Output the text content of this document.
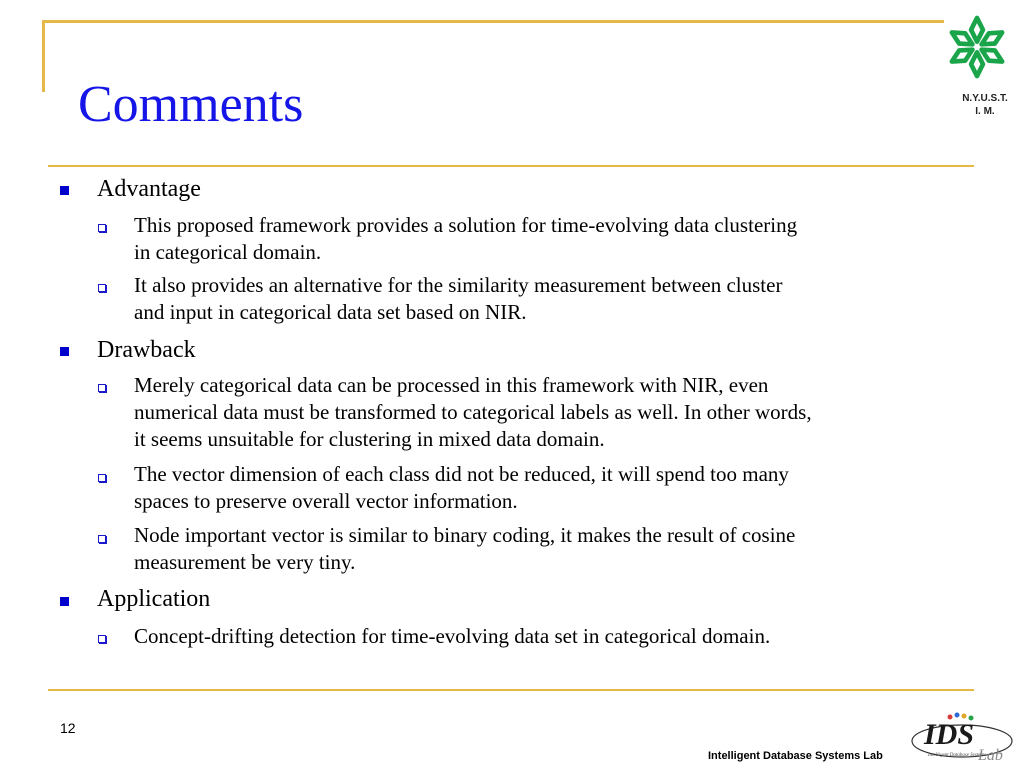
Comments	N.Y.U.S.T.
I. M.
Advantage
This proposed framework provides a solution for time-evolving data clustering
in categorical domain.
It also provides an alternative for the similarity measurement between cluster
and input in categorical data set based on NIR.
Drawback
Merely categorical data can be processed in this framework with NIR, even
numerical data must be transformed to categorical labels as well. In other words,
it seems unsuitable for clustering in mixed data domain.
The vector dimension of each class did not be reduced, it will spend too many
spaces to preserve overall vector information.
Node important vector is similar to binary coding, it makes the result of cosine
measurement be very tiny.
Application
Concept-drifting detection for time-evolving data set in categorical domain.
12
Intelligent Database Systems Lab
IDS
Lab
Intelligent Database Systems
